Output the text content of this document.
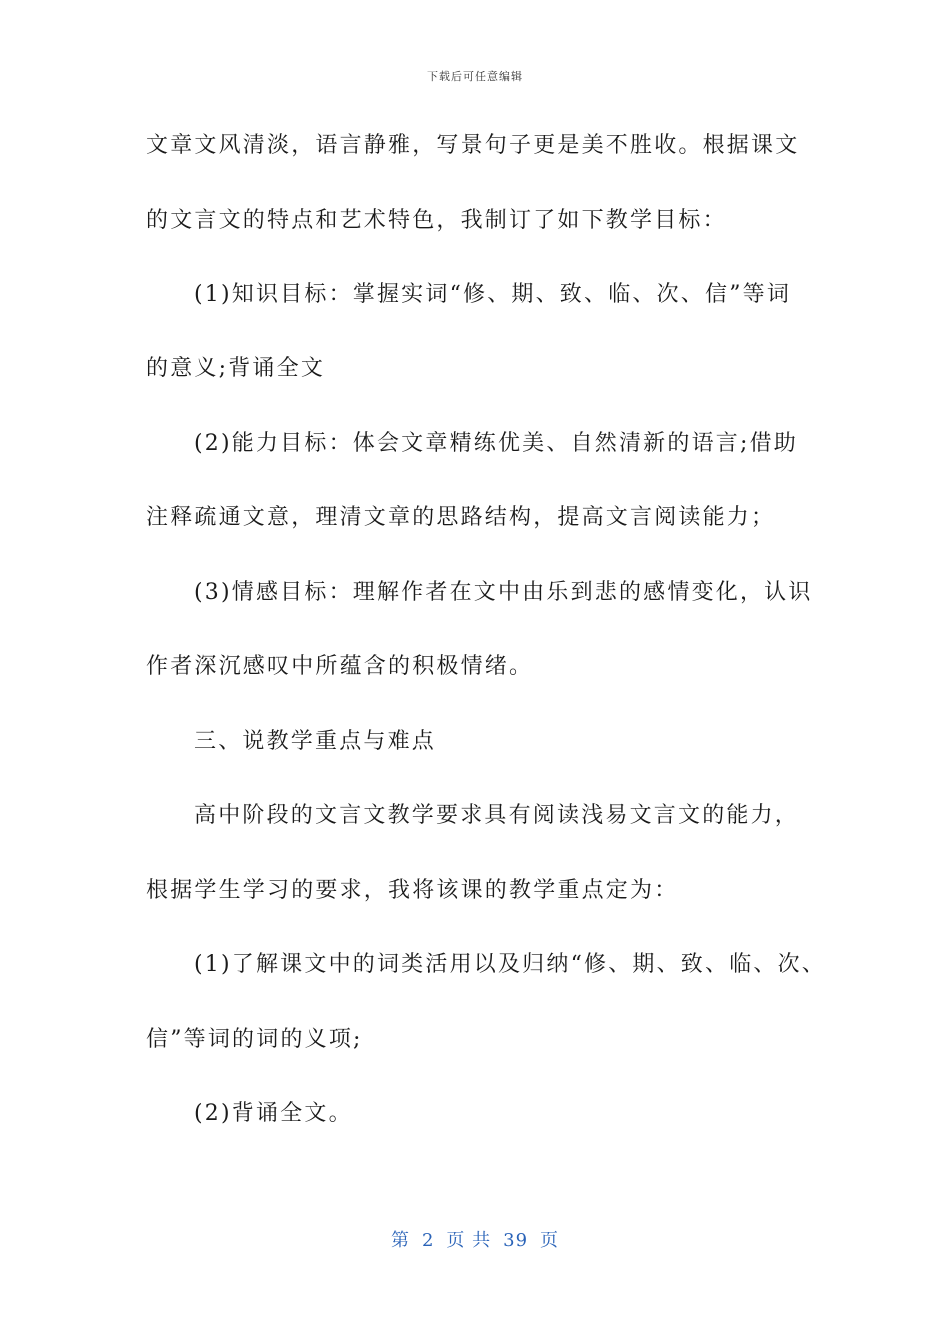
下载后可任意编辑
文章文风清淡，语言静雅，写景句子更是美不胜收。根据课文
的文言文的特点和艺术特色，我制订了如下教学目标：
(1)知识目标：掌握实词“修、期、致、临、次、信”等词
的意义;背诵全文
(2)能力目标：体会文章精练优美、自然清新的语言;借助
注释疏通文意，理清文章的思路结构，提高文言阅读能力；
(3)情感目标：理解作者在文中由乐到悲的感情变化，认识
作者深沉感叹中所蕴含的积极情绪。
三、说教学重点与难点
高中阶段的文言文教学要求具有阅读浅易文言文的能力，
根据学生学习的要求，我将该课的教学重点定为：
(1)了解课文中的词类活用以及归纳“修、期、致、临、次、
信”等词的词的义项;
(2)背诵全文。
第 2 页 共 39 页
